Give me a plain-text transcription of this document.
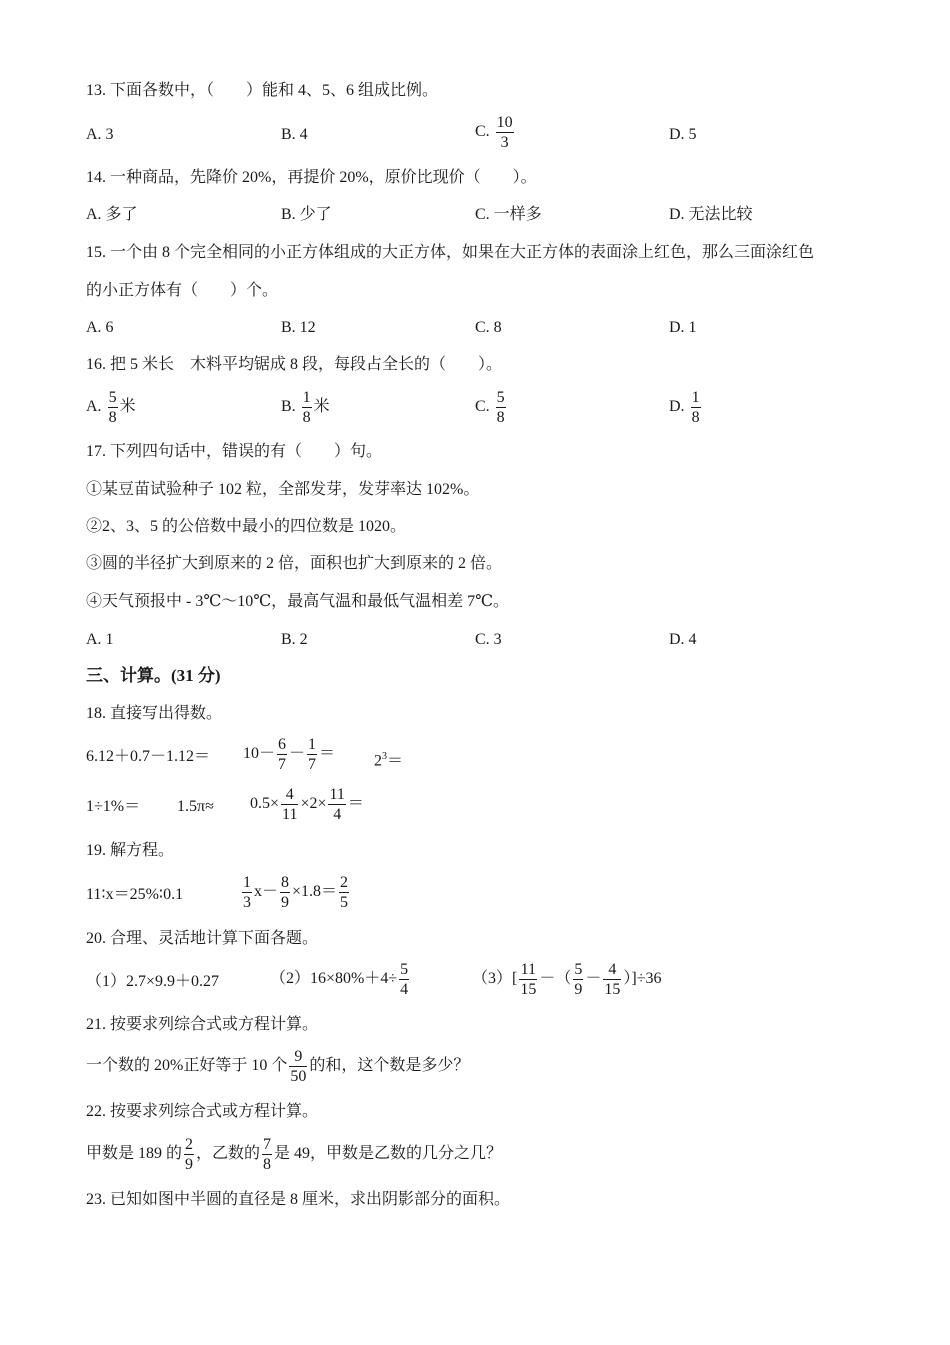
13. 下面各数中，（　　）能和 4、5、6 组成比例。
A. 3	B. 4	C. $\frac{10}{3}$	D. 5
14. 一种商品，先降价 20%，再提价 20%，原价比现价（　　）。
A. 多了	B. 少了	C. 一样多	D. 无法比较
15. 一个由 8 个完全相同的小正方体组成的大正方体，如果在大正方体的表面涂上红色，那么三面涂红色
的小正方体有（　　）个。
A. 6	B. 12	C. 8	D. 1
16. 把 5 米长　木料平均锯成 8 段，每段占全长的（　　）。
A. $\frac{5}{8}$ 米	B. $\frac{1}{8}$ 米	C. $\frac{5}{8}$	D. $\frac{1}{8}$
17. 下列四句话中，错误的有（　　）句。
①某豆苗试验种子 102 粒，全部发芽，发芽率达 102%。
②2、3、5 的公倍数中最小的四位数是 1020。
③圆的半径扩大到原来的 2 倍，面积也扩大到原来的 2 倍。
④天气预报中 - 3℃～10℃，最高气温和最低气温相差 7℃。
A. 1	B. 2	C. 3	D. 4
三、计算。(31 分)
18. 直接写出得数。
$6.12+0.7-1.12= 10- \frac{6}{7} - \frac{1}{7} = 2^3=$
$1\div 1\%= 1.5\pi\approx 0.5\times \frac{4}{11} \times 2\times \frac{11}{4}$ ＝
19. 解方程。
11∶x＝25%∶0.1	$\frac{1}{3} x- \frac{8}{9} \times 1.8= \frac{2}{5}$
20. 合理、灵活地计算下面各题。
（1）2.7×9.9＋0.27	$(2)16\times 80\%+4\div \frac{5}{4}$	$(3)[ \frac{11}{15}$ －（ $\frac{5}{9} - \frac{4}{15} )]\div 36$
21. 按要求列综合式或方程计算。
一个数的 20%正好等于 10 个 $\frac{9}{50}$ 的和，这个数是多少？
22. 按要求列综合式或方程计算。
甲数是 189 的 $\frac{2}{9}$ ，乙数的 $\frac{7}{8}$ 是 49，甲数是乙数的几分之几？
23. 已知如图中半圆的直径是 8 厘米，求出阴影部分的面积。
